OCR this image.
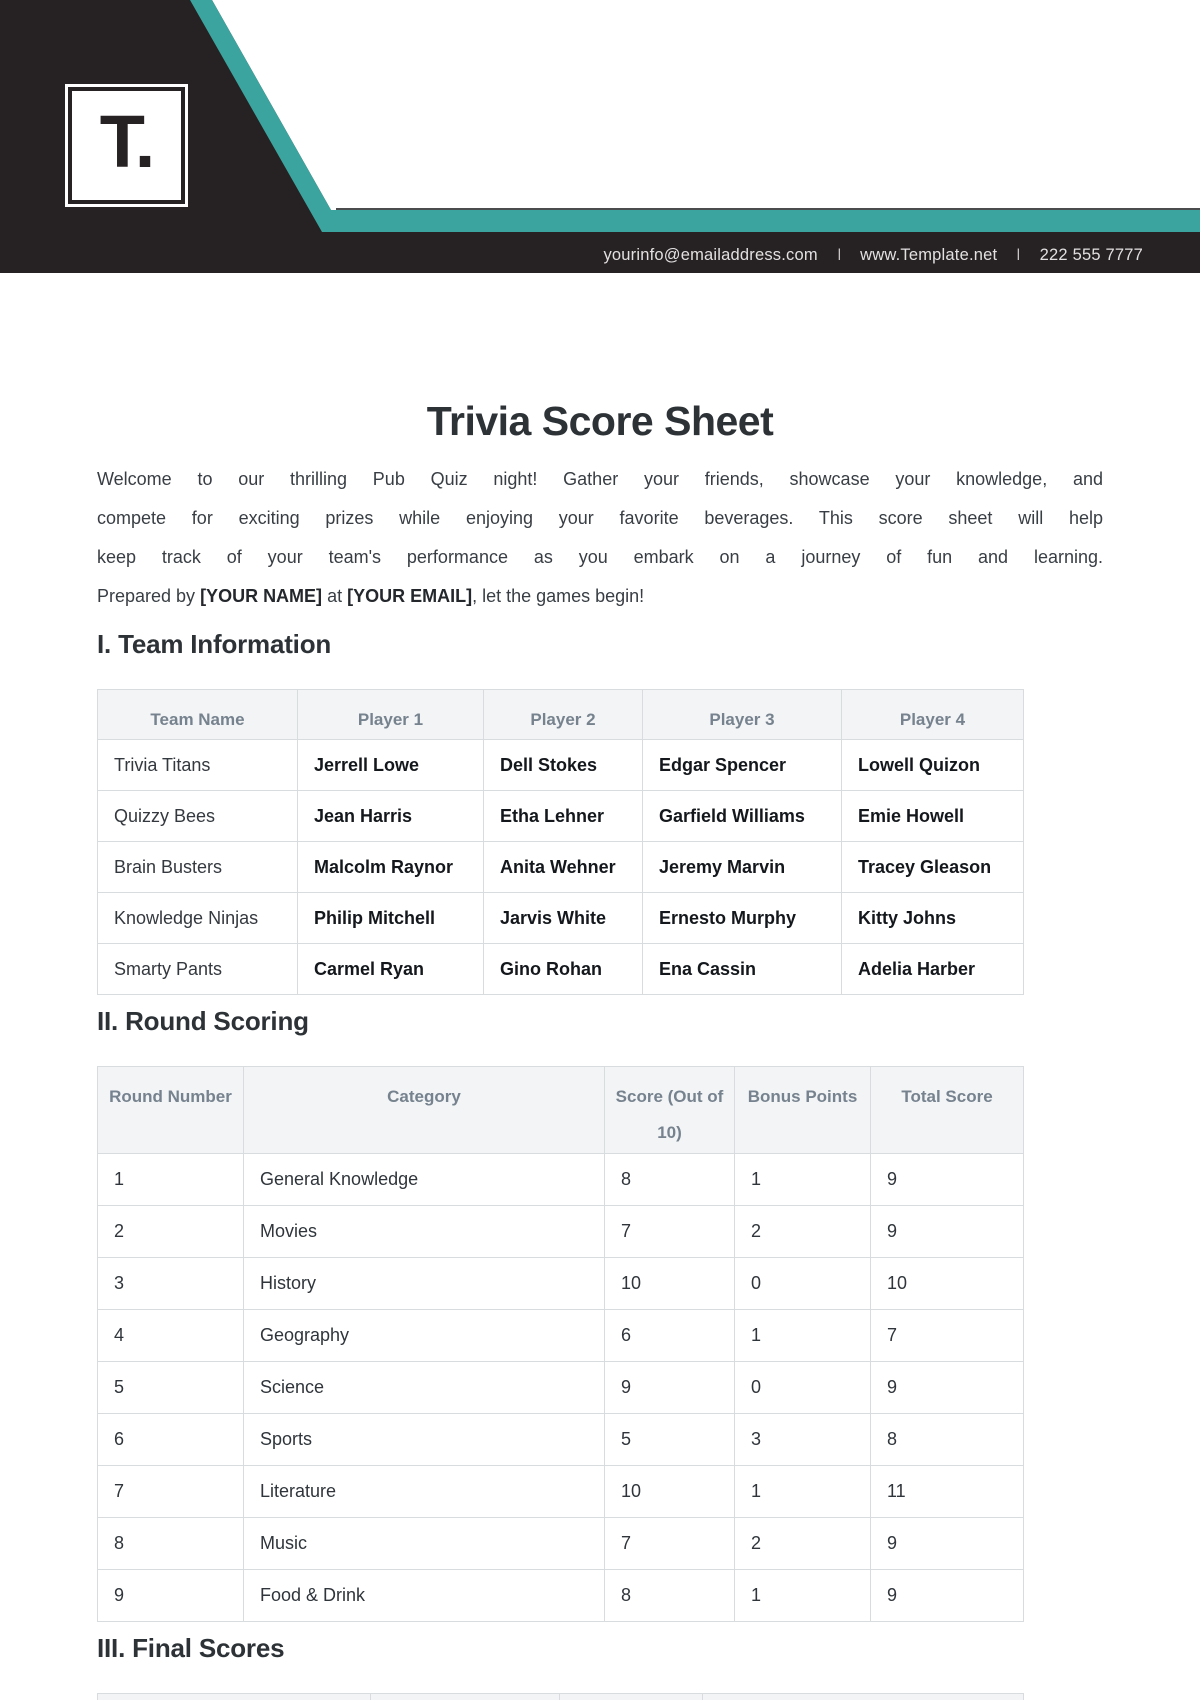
T.
yourinfo@emailaddress.com I www.Template.net I 222 555 7777
Trivia Score Sheet
Welcome to our thrilling Pub Quiz night! Gather your friends, showcase your knowledge, and
compete for exciting prizes while enjoying your favorite beverages. This score sheet will help
keep track of your team's performance as you embark on a journey of fun and learning.
Prepared by [YOUR NAME] at [YOUR EMAIL], let the games begin!
I. Team Information
Team Name	Player 1	Player 2	Player 3	Player 4
Trivia Titans	Jerrell Lowe	Dell Stokes	Edgar Spencer	Lowell Quizon
Quizzy Bees	Jean Harris	Etha Lehner	Garfield Williams	Emie Howell
Brain Busters	Malcolm Raynor	Anita Wehner	Jeremy Marvin	Tracey Gleason
Knowledge Ninjas	Philip Mitchell	Jarvis White	Ernesto Murphy	Kitty Johns
Smarty Pants	Carmel Ryan	Gino Rohan	Ena Cassin	Adelia Harber
II. Round Scoring
Round Number	Category	Score (Out of 10)	Bonus Points	Total Score
1	General Knowledge	8	1	9
2	Movies	7	2	9
3	History	10	0	10
4	Geography	6	1	7
5	Science	9	0	9
6	Sports	5	3	8
7	Literature	10	1	11
8	Music	7	2	9
9	Food & Drink	8	1	9
III. Final Scores
